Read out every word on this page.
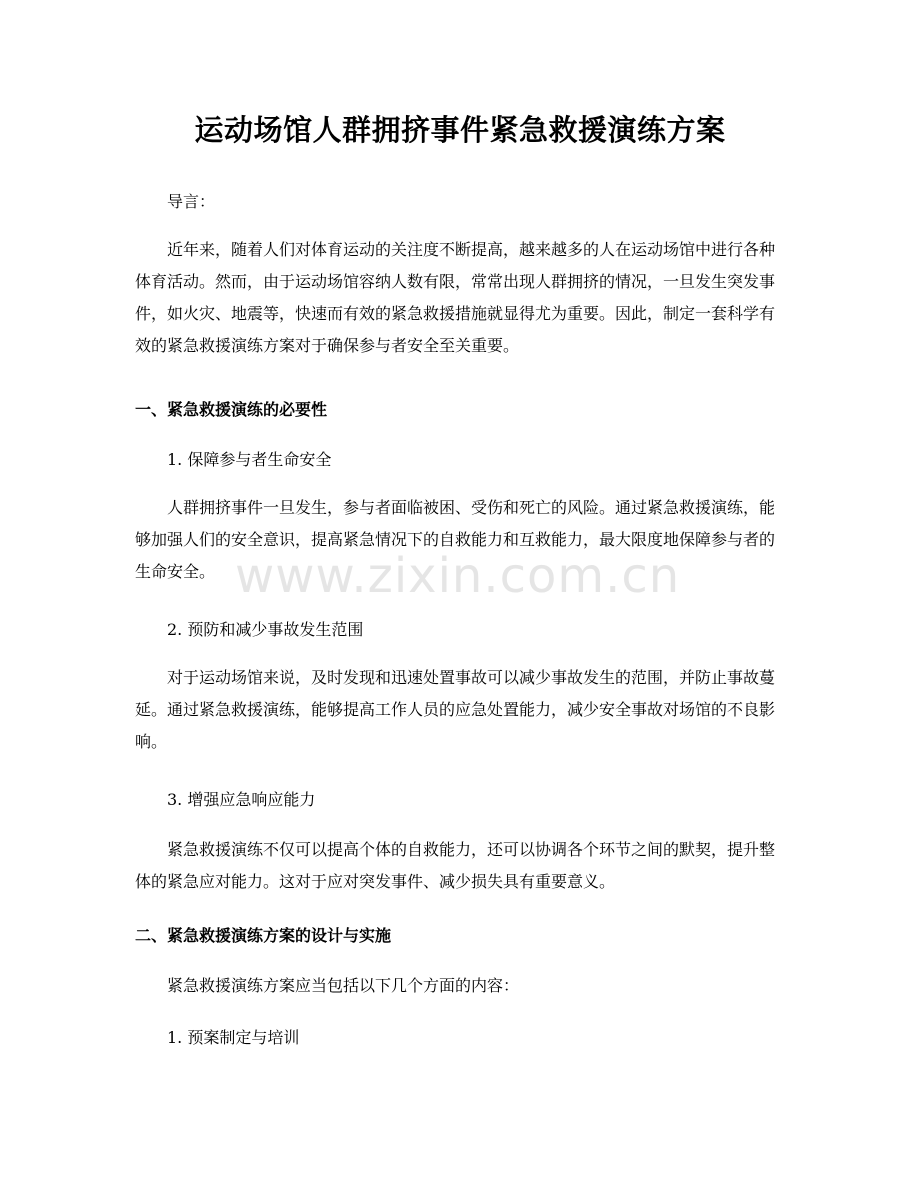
运动场馆人群拥挤事件紧急救援演练方案
导言：

近年来，随着人们对体育运动的关注度不断提高，越来越多的人在运动场馆中进行各种体育活动。然而，由于运动场馆容纳人数有限，常常出现人群拥挤的情况，一旦发生突发事件，如火灾、地震等，快速而有效的紧急救援措施就显得尤为重要。因此，制定一套科学有效的紧急救援演练方案对于确保参与者安全至关重要。

一、紧急救援演练的必要性
1. 保障参与者生命安全

人群拥挤事件一旦发生，参与者面临被困、受伤和死亡的风险。通过紧急救援演练，能够加强人们的安全意识，提高紧急情况下的自救能力和互救能力，最大限度地保障参与者的生命安全。

2. 预防和减少事故发生范围

对于运动场馆来说，及时发现和迅速处置事故可以减少事故发生的范围，并防止事故蔓延。通过紧急救援演练，能够提高工作人员的应急处置能力，减少安全事故对场馆的不良影响。

3. 增强应急响应能力

紧急救援演练不仅可以提高个体的自救能力，还可以协调各个环节之间的默契，提升整体的紧急应对能力。这对于应对突发事件、减少损失具有重要意义。

二、紧急救援演练方案的设计与实施
紧急救援演练方案应当包括以下几个方面的内容：
1. 预案制定与培训
www.zixin.com.cn
